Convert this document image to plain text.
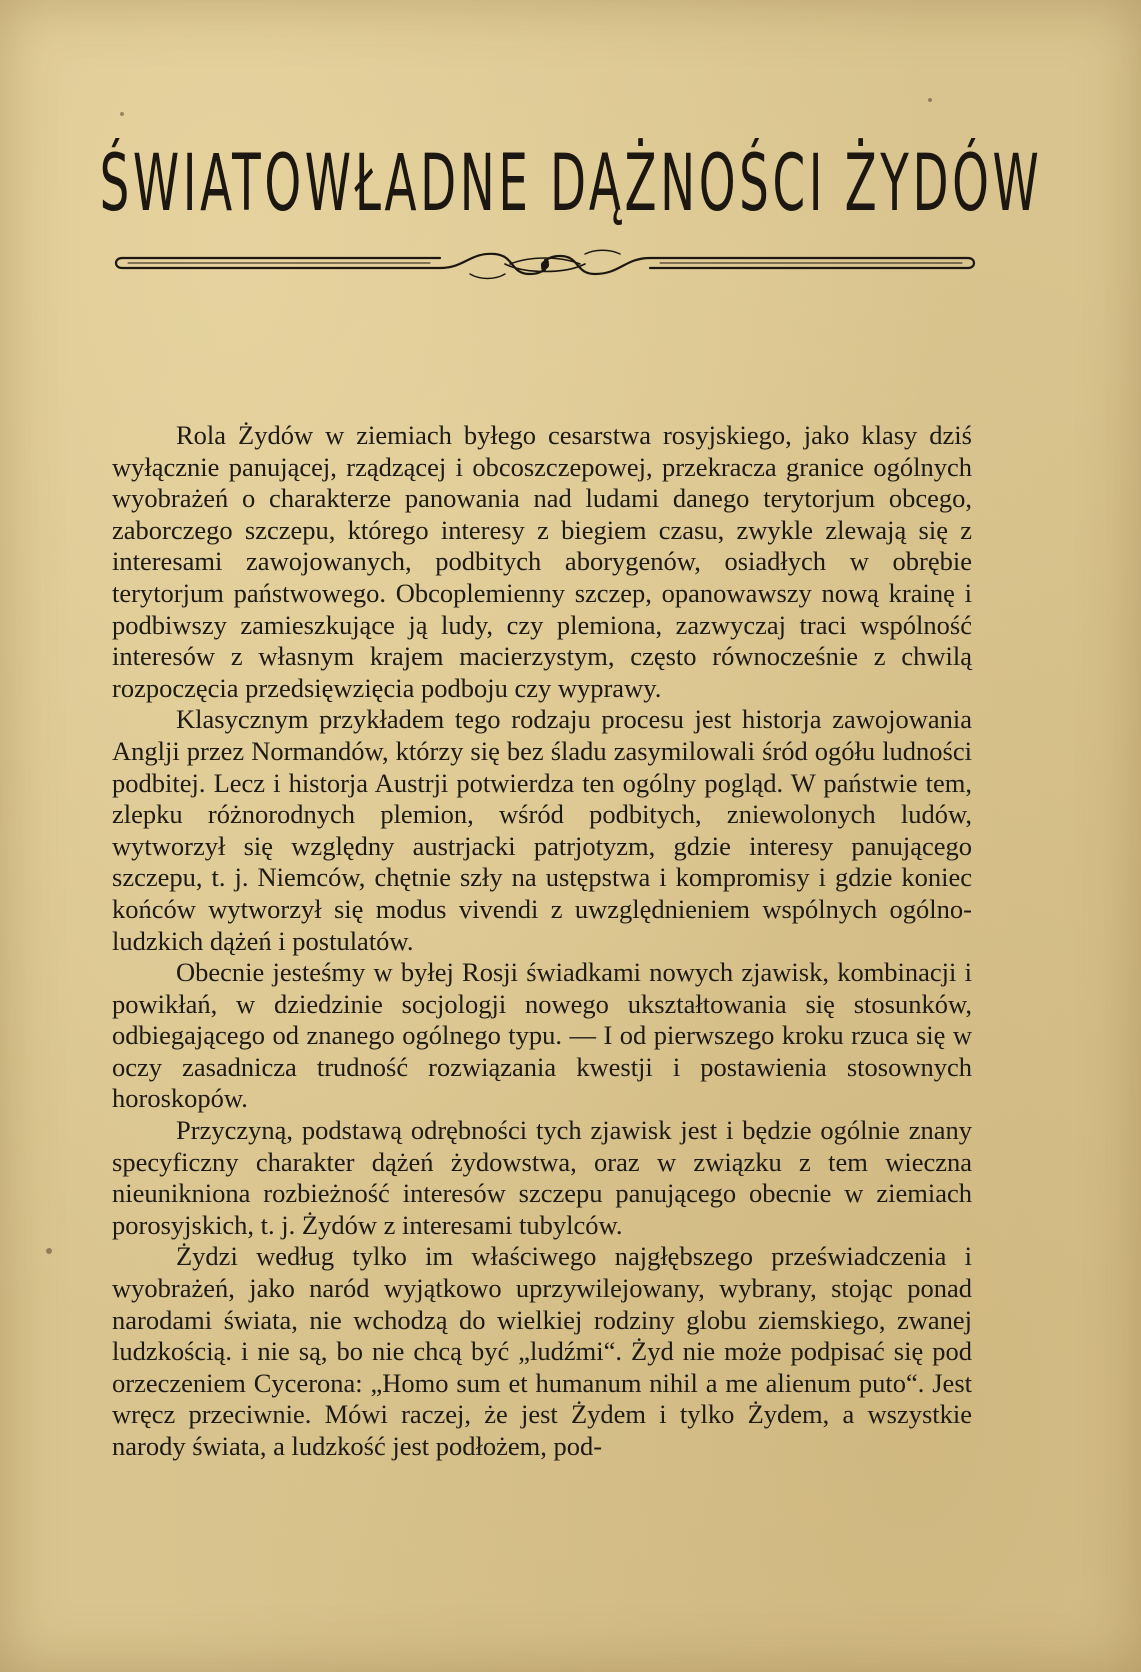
ŚWIATOWŁADNE DĄŻNOŚCI ŻYDÓW

Rola Żydów w ziemiach byłego cesarstwa rosyjskiego, jako klasy dziś wyłącznie panującej, rządzącej i obcoszczepowej, przekracza granice ogólnych wyobrażeń o charakterze panowania nad ludami danego terytorjum obcego, zaborczego szczepu, którego interesy z biegiem czasu, zwykle zlewają się z interesami zawojowanych, podbitych aborygenów, osiadłych w obrębie terytorjum państwowego. Obcoplemienny szczep, opanowawszy nową krainę i podbiwszy zamieszkujące ją ludy, czy plemiona, zazwyczaj traci wspólność interesów z własnym krajem macierzystym, często równocześnie z chwilą rozpoczęcia przedsięwzięcia podboju czy wyprawy.

Klasycznym przykładem tego rodzaju procesu jest historja zawojowania Anglji przez Normandów, którzy się bez śladu zasymilowali śród ogółu ludności podbitej. Lecz i historja Austrji potwierdza ten ogólny pogląd. W państwie tem, zlepku różnorodnych plemion, wśród podbitych, zniewolonych ludów, wytworzył się względny austrjacki patrjotyzm, gdzie interesy panującego szczepu, t. j. Niemców, chętnie szły na ustępstwa i kompromisy i gdzie koniec końców wytworzył się modus vivendi z uwzględnieniem wspólnych ogólno-ludzkich dążeń i postulatów.

Obecnie jesteśmy w byłej Rosji świadkami nowych zjawisk, kombinacji i powikłań, w dziedzinie socjologji nowego ukształtowania się stosunków, odbiegającego od znanego ogólnego typu. — I od pierwszego kroku rzuca się w oczy zasadnicza trudność rozwiązania kwestji i postawienia stosownych horoskopów.

Przyczyną, podstawą odrębności tych zjawisk jest i będzie ogólnie znany specyficzny charakter dążeń żydowstwa, oraz w związku z tem wieczna nieunikniona rozbieżność interesów szczepu panującego obecnie w ziemiach porosyjskich, t. j. Żydów z interesami tubylców.

Żydzi według tylko im właściwego najgłębszego przeświadczenia i wyobrażeń, jako naród wyjątkowo uprzywilejowany, wybrany, stojąc ponad narodami świata, nie wchodzą do wielkiej rodziny globu ziemskiego, zwanej ludzkością. i nie są, bo nie chcą być „ludźmi“. Żyd nie może podpisać się pod orzeczeniem Cycerona: „Homo sum et humanum nihil a me alienum puto“. Jest wręcz przeciwnie. Mówi raczej, że jest Żydem i tylko Żydem, a wszystkie narody świata, a ludzkość jest podłożem, pod-
